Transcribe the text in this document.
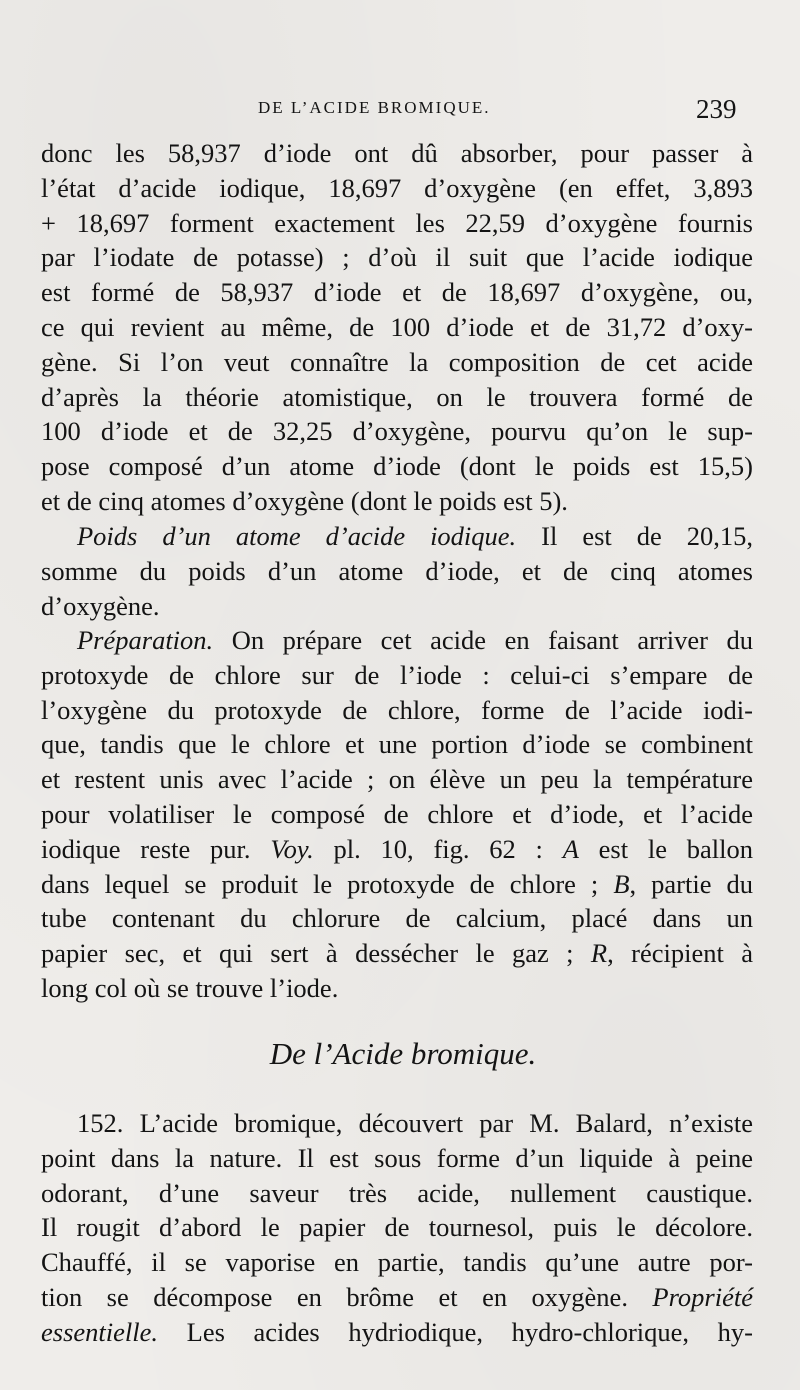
DE L’ACIDE BROMIQUE.	239
donc les 58,937 d’iode ont dû absorber, pour passer à
l’état d’acide iodique, 18,697 d’oxygène (en effet, 3,893
+ 18,697 forment exactement les 22,59 d’oxygène fournis
par l’iodate de potasse) ; d’où il suit que l’acide iodique
est formé de 58,937 d’iode et de 18,697 d’oxygène, ou,
ce qui revient au même, de 100 d’iode et de 31,72 d’oxy-
gène. Si l’on veut connaître la composition de cet acide
d’après la théorie atomistique, on le trouvera formé de
100 d’iode et de 32,25 d’oxygène, pourvu qu’on le sup-
pose composé d’un atome d’iode (dont le poids est 15,5)
et de cinq atomes d’oxygène (dont le poids est 5).
Poids d’un atome d’acide iodique. Il est de 20,15,
somme du poids d’un atome d’iode, et de cinq atomes
d’oxygène.
Préparation. On prépare cet acide en faisant arriver du
protoxyde de chlore sur de l’iode : celui-ci s’empare de
l’oxygène du protoxyde de chlore, forme de l’acide iodi-
que, tandis que le chlore et une portion d’iode se combinent
et restent unis avec l’acide ; on élève un peu la température
pour volatiliser le composé de chlore et d’iode, et l’acide
iodique reste pur. Voy. pl. 10, fig. 62 : A est le ballon
dans lequel se produit le protoxyde de chlore ; B, partie du
tube contenant du chlorure de calcium, placé dans un
papier sec, et qui sert à dessécher le gaz ; R, récipient à
long col où se trouve l’iode.
De l’Acide bromique.
152. L’acide bromique, découvert par M. Balard, n’existe
point dans la nature. Il est sous forme d’un liquide à peine
odorant, d’une saveur très acide, nullement caustique.
Il rougit d’abord le papier de tournesol, puis le décolore.
Chauffé, il se vaporise en partie, tandis qu’une autre por-
tion se décompose en brôme et en oxygène. Propriété
essentielle. Les acides hydriodique, hydro-chlorique, hy-
